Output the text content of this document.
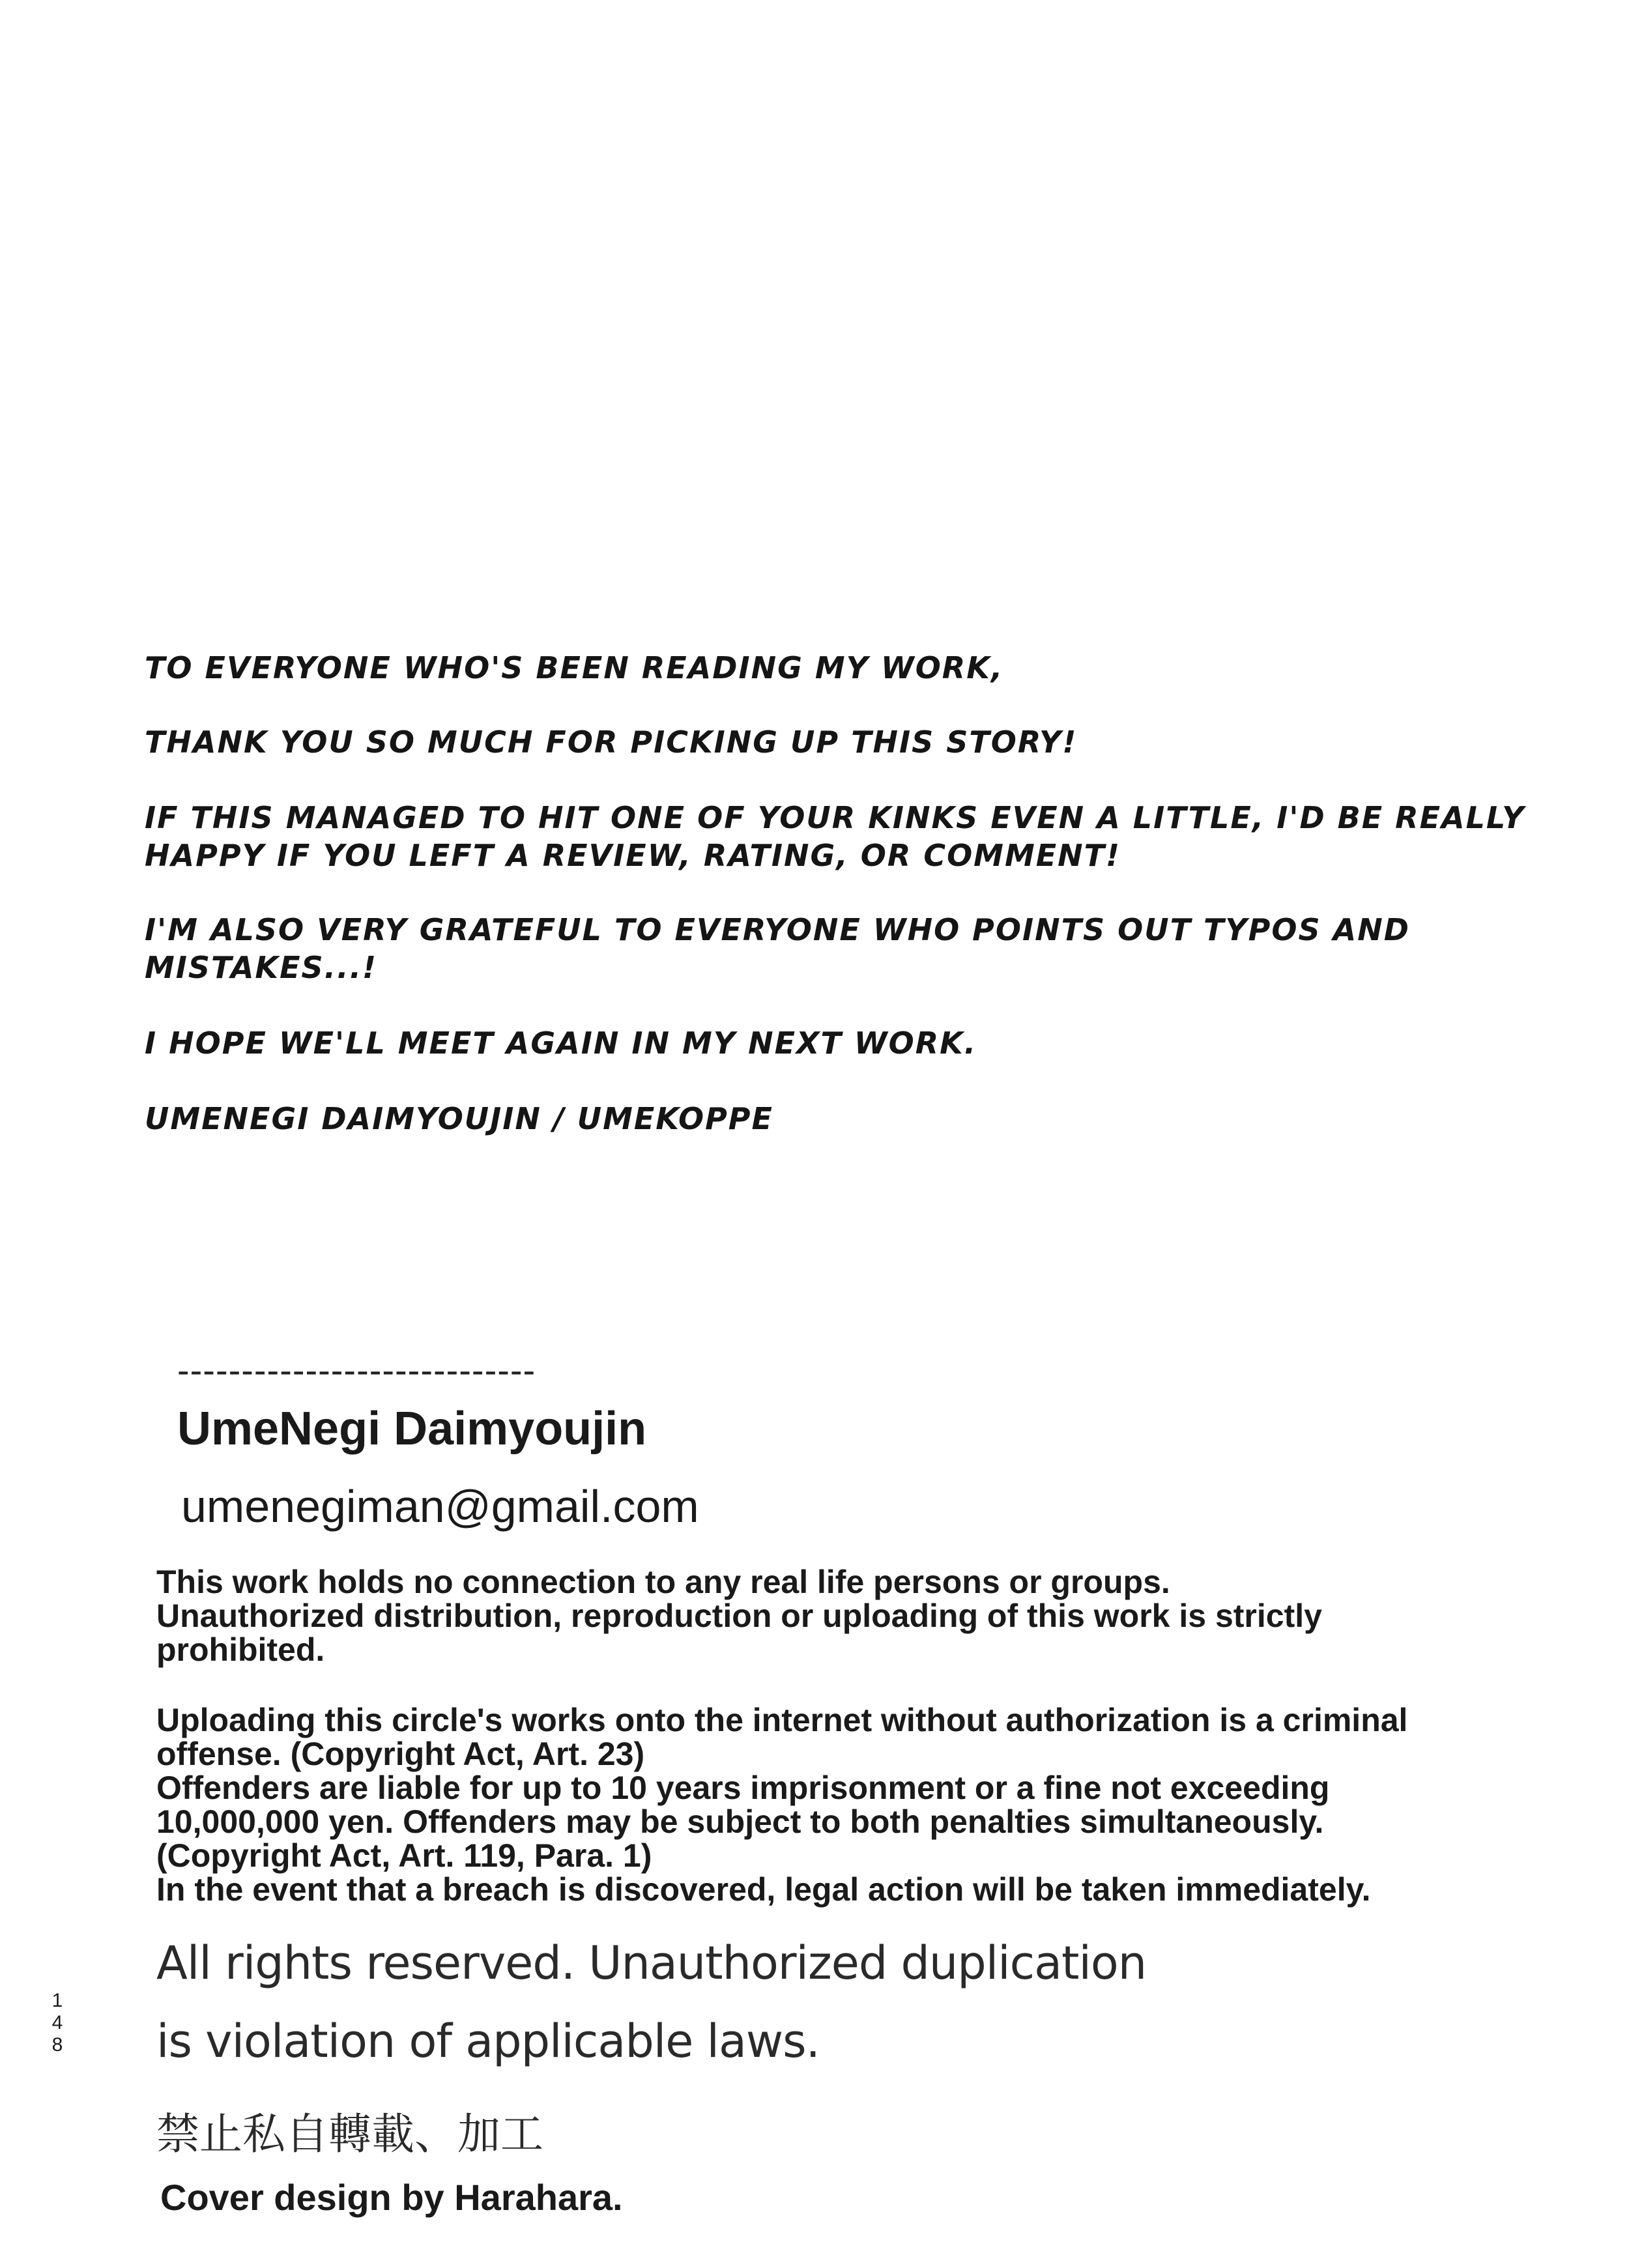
TO EVERYONE WHO'S BEEN READING MY WORK,
THANK YOU SO MUCH FOR PICKING UP THIS STORY!
IF THIS MANAGED TO HIT ONE OF YOUR KINKS EVEN A LITTLE, I'D BE REALLY
HAPPY IF YOU LEFT A REVIEW, RATING, OR COMMENT!
I'M ALSO VERY GRATEFUL TO EVERYONE WHO POINTS OUT TYPOS AND
MISTAKES...!
I HOPE WE'LL MEET AGAIN IN MY NEXT WORK.
UMENEGI DAIMYOUJIN / UMEKOPPE
----------------------------
UmeNegi Daimyoujin
umenegiman@gmail.com
This work holds no connection to any real life persons or groups.
Unauthorized distribution, reproduction or uploading of this work is strictly
prohibited.
Uploading this circle's works onto the internet without authorization is a criminal
offense. (Copyright Act, Art. 23)
Offenders are liable for up to 10 years imprisonment or a fine not exceeding
10,000,000 yen. Offenders may be subject to both penalties simultaneously.
(Copyright Act, Art. 119, Para. 1)
In the event that a breach is discovered, legal action will be taken immediately.
All rights reserved. Unauthorized duplication
is violation of applicable laws.
禁止私自轉載、加工
Cover design by Harahara.
1
4
8
